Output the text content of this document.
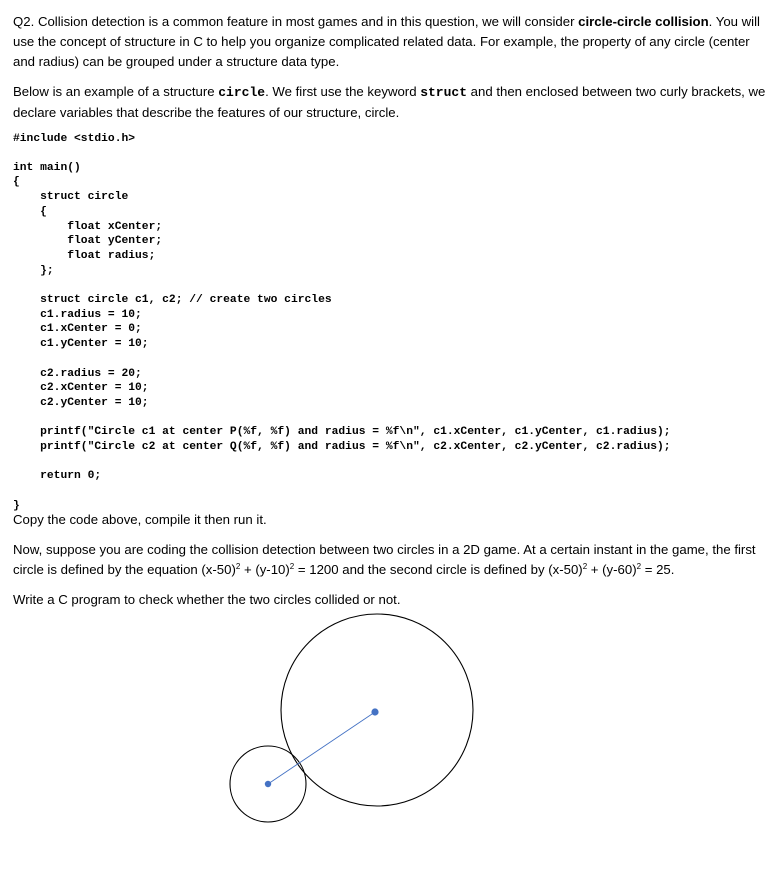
Q2. Collision detection is a common feature in most games and in this question, we will consider circle-circle collision. You will use the concept of structure in C to help you organize complicated related data. For example, the property of any circle (center and radius) can be grouped under a structure data type.

Below is an example of a structure circle. We first use the keyword struct and then enclosed between two curly brackets, we declare variables that describe the features of our structure, circle.

#include <stdio.h>
int main()
{
struct circle
{
float xCenter;
float yCenter;
float radius;
};
struct circle c1, c2; // create two circles
c1.radius = 10;
c1.xCenter = 0;
c1.yCenter = 10;
c2.radius = 20;
c2.xCenter = 10;
c2.yCenter = 10;
printf("Circle c1 at center P(%f, %f) and radius = %f\n", c1.xCenter, c1.yCenter, c1.radius);
printf("Circle c2 at center Q(%f, %f) and radius = %f\n", c2.xCenter, c2.yCenter, c2.radius);
return 0;
}

Copy the code above, compile it then run it.

Now, suppose you are coding the collision detection between two circles in a 2D game. At a certain instant in the game, the first circle is defined by the equation $(x-50)^2 + (y-10)^2 = 1200$ and the second circle is defined by $(x-50)^2 + (y-60)^2 = 25$.

Write a C program to check whether the two circles collided or not.
